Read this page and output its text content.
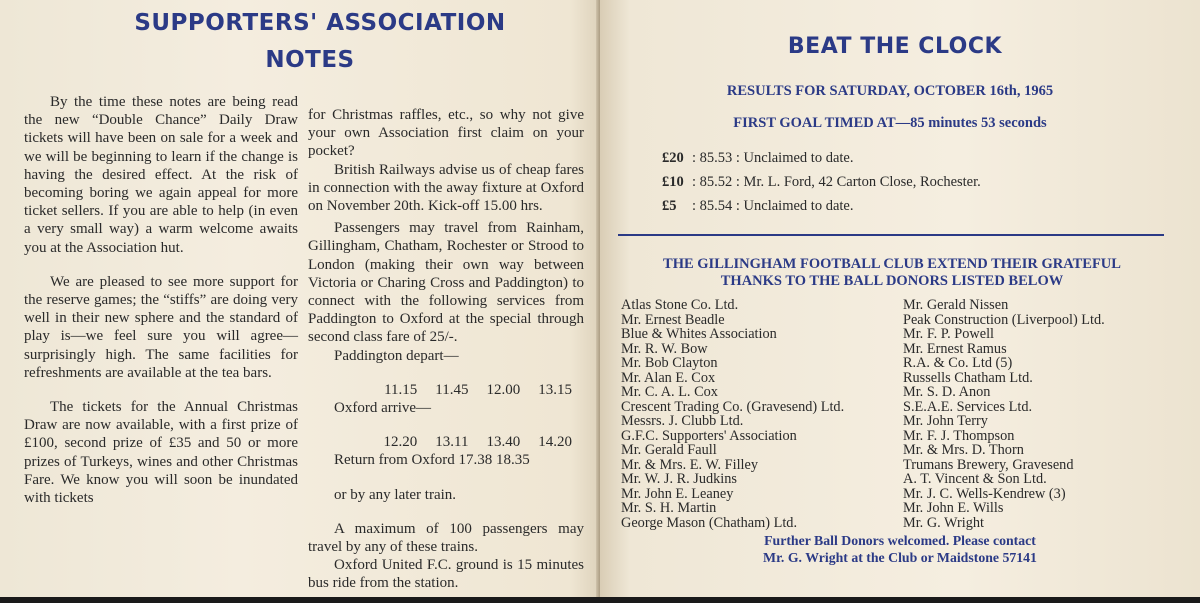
SUPPORTERS' ASSOCIATION
NOTES

By the time these notes are being read the new “Double Chance” Daily Draw tickets will have been on sale for a week and we will be beginning to learn if the change is having the desired effect. At the risk of becoming boring we again appeal for more ticket sellers. If you are able to help (in even a very small way) a warm welcome awaits you at the Association hut.

We are pleased to see more support for the reserve games; the “stiffs” are doing very well in their new sphere and the standard of play is—we feel sure you will agree—surprisingly high. The same facilities for refreshments are available at the tea bars.

The tickets for the Annual Christmas Draw are now available, with a first prize of £100, second prize of £35 and 50 or more prizes of Turkeys, wines and other Christmas Fare. We know you will soon be inundated with tickets

for Christmas raffles, etc., so why not give your own Association first claim on your pocket?

British Railways advise us of cheap fares in connection with the away fixture at Oxford on November 20th. Kick-off 15.00 hrs.

Passengers may travel from Rainham, Gillingham, Chatham, Rochester or Strood to London (making their own way between Victoria or Charing Cross and Paddington) to connect with the following services from Paddington to Oxford at the special through second class fare of 25/-.

Paddington depart—

11.15 11.45 12.00 13.15

Oxford arrive—

12.20 13.11 13.40 14.20

Return from Oxford 17.38 18.35

or by any later train.

A maximum of 100 passengers may travel by any of these trains.

Oxford United F.C. ground is 15 minutes bus ride from the station.

BEAT THE CLOCK
RESULTS FOR SATURDAY, OCTOBER 16th, 1965
FIRST GOAL TIMED AT—85 minutes 53 seconds
£20 : 85.53 : Unclaimed to date.
£10 : 85.52 : Mr. L. Ford, 42 Carton Close, Rochester.
£5	: 85.54 : Unclaimed to date.
THE GILLINGHAM FOOTBALL CLUB EXTEND THEIR GRATEFUL
THANKS TO THE BALL DONORS LISTED BELOW
Atlas Stone Co. Ltd.
Mr. Ernest Beadle
Blue & Whites Association
Mr. R. W. Bow
Mr. Bob Clayton
Mr. Alan E. Cox
Mr. C. A. L. Cox
Crescent Trading Co. (Gravesend) Ltd.
Messrs. J. Clubb Ltd.
G.F.C. Supporters' Association
Mr. Gerald Faull
Mr. & Mrs. E. W. Filley
Mr. W. J. R. Judkins
Mr. John E. Leaney
Mr. S. H. Martin
George Mason (Chatham) Ltd.
Mr. Gerald Nissen
Peak Construction (Liverpool) Ltd.
Mr. F. P. Powell
Mr. Ernest Ramus
R.A. & Co. Ltd (5)
Russells Chatham Ltd.
Mr. S. D. Anon
S.E.A.E. Services Ltd.
Mr. John Terry
Mr. F. J. Thompson
Mr. & Mrs. D. Thorn
Trumans Brewery, Gravesend
A. T. Vincent & Son Ltd.
Mr. J. C. Wells-Kendrew (3)
Mr. John E. Wills
Mr. G. Wright
Further Ball Donors welcomed. Please contact
Mr. G. Wright at the Club or Maidstone 57141
